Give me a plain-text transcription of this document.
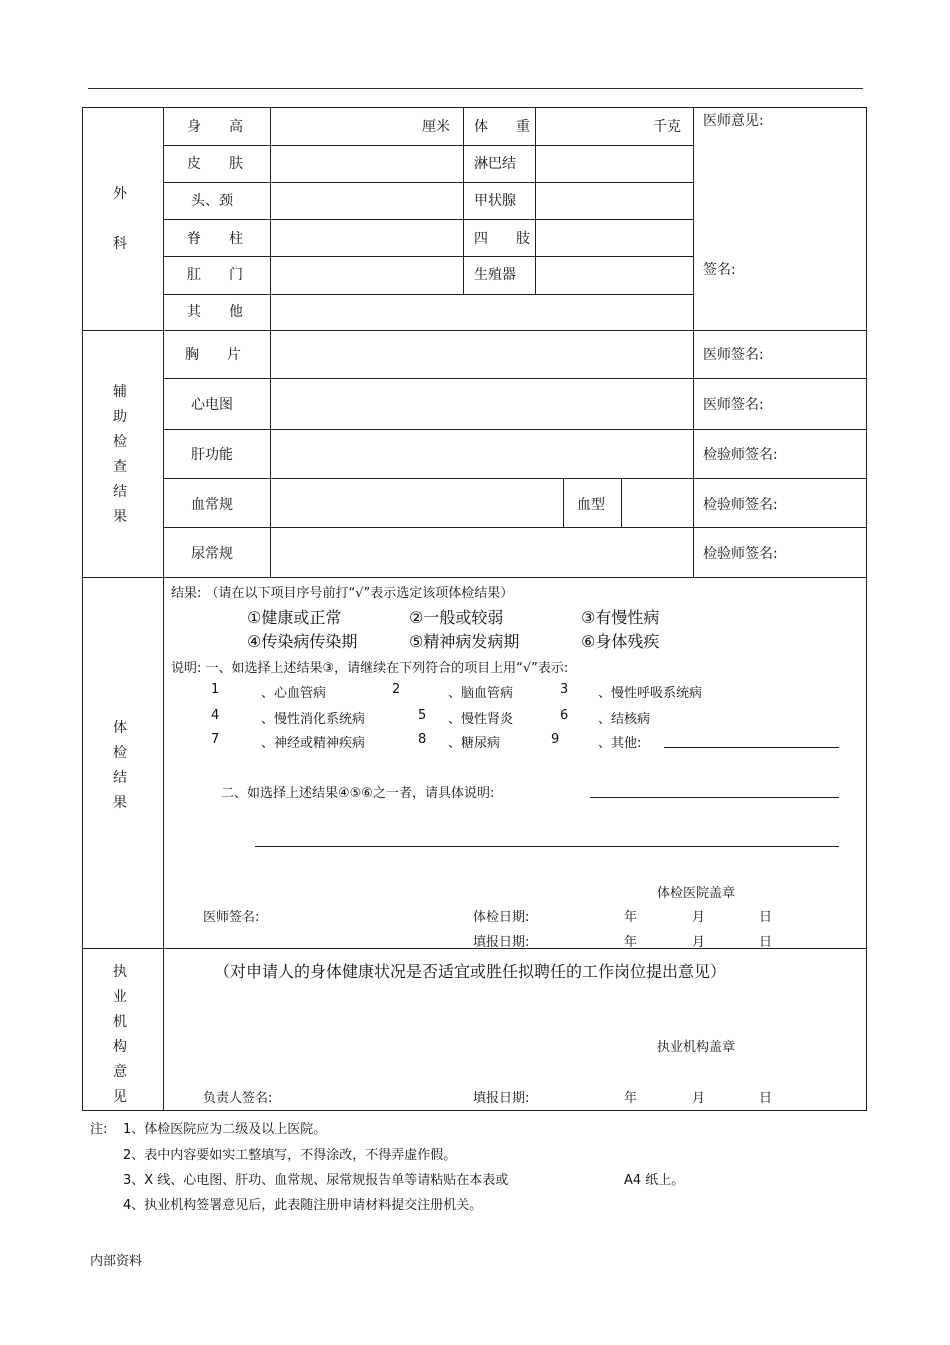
外
科
身　　高	厘米 体　　重	千克
皮　　肤	淋巴结
头、颈	甲状腺
脊　　柱	四　　肢
肛　　门	生殖器
其　　他
医师意见:
签名:
辅
助
检
查
结
果
胸　　片	医师签名:
心电图	医师签名:
肝功能	检验师签名:
血常规	血型	检验师签名:
尿常规	检验师签名:
体
检
结
果
结果: （请在以下项目序号前打“√”表示选定该项体检结果）
①健康或正常	②一般或较弱	③有慢性病
④传染病传染期	⑤精神病发病期	⑥身体残疾
说明: 一、如选择上述结果③，请继续在下列符合的项目上用“√”表示:
1	、心血管病	2	、脑血管病	3 、慢性呼吸系统病
4	、慢性消化系统病	5 、慢性肾炎	6 、结核病
7	、神经或精神疾病	8 、糖尿病	9	、其他:
二、如选择上述结果④⑤⑥之一者，请具体说明:
体检医院盖章
医师签名:	体检日期:	年	月	日
填报日期:	年	月	日
执
业
机
构
意
见
（对申请人的身体健康状况是否适宜或胜任拟聘任的工作岗位提出意见）
执业机构盖章
负责人签名:	填报日期:	年	月	日
注: 1、体检医院应为二级及以上医院。
2、表中内容要如实工整填写，不得涂改，不得弄虚作假。
3、X 线、心电图、肝功、血常规、尿常规报告单等请粘贴在本表或	A4 纸上。
4、执业机构签署意见后，此表随注册申请材料提交注册机关。
内部资料
